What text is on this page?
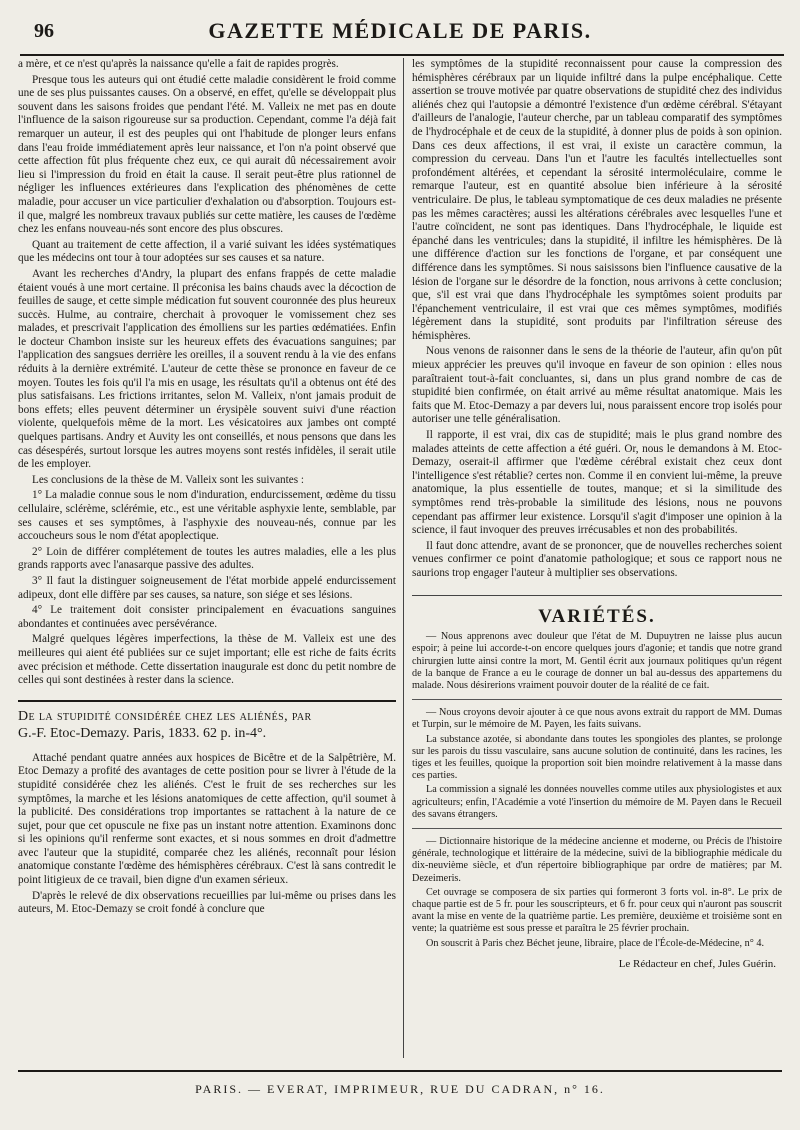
96	GAZETTE MÉDICALE DE PARIS.

a mère, et ce n'est qu'après la naissance qu'elle a fait de rapides progrès.

Presque tous les auteurs qui ont étudié cette maladie considèrent le froid comme une de ses plus puissantes causes. On a observé, en effet, qu'elle se développait plus souvent dans les saisons froides que pendant l'été. M. Valleix ne met pas en doute l'influence de la saison rigoureuse sur sa production. Cependant, comme l'a déjà fait remarquer un auteur, il est des peuples qui ont l'habitude de plonger leurs enfans dans l'eau froide immédiatement après leur naissance, et l'on n'a point observé que cette affection fût plus fréquente chez eux, ce qui aurait dû nécessairement avoir lieu si l'impression du froid en était la cause. Il serait peut-être plus rationnel de négliger les influences extérieures dans l'explication des phénomènes de cette maladie, pour accuser un vice particulier d'exhalation ou d'absorption. Toujours est-il que, malgré les nombreux travaux publiés sur cette matière, les causes de l'œdème chez les enfans nouveau-nés sont encore des plus obscures.

Quant au traitement de cette affection, il a varié suivant les idées systématiques que les médecins ont tour à tour adoptées sur ses causes et sa nature.

Avant les recherches d'Andry, la plupart des enfans frappés de cette maladie étaient voués à une mort certaine. Il préconisa les bains chauds avec la décoction de feuilles de sauge, et cette simple médication fut souvent couronnée des plus heureux succès. Hulme, au contraire, cherchait à provoquer le vomissement chez ses malades, et prescrivait l'application des émolliens sur les parties œdématiées. Enfin le docteur Chambon insiste sur les heureux effets des évacuations sanguines; par l'application des sangsues derrière les oreilles, il a souvent rendu à la vie des enfans réduits à la dernière extrémité. L'auteur de cette thèse se prononce en faveur de ce moyen. Toutes les fois qu'il l'a mis en usage, les résultats qu'il a obtenus ont été des plus satisfaisans. Les frictions irritantes, selon M. Valleix, n'ont jamais produit de bons effets; elles peuvent déterminer un érysipèle souvent suivi d'une réaction violente, quelquefois même de la mort. Les vésicatoires aux jambes ont compté quelques partisans. Andry et Auvity les ont conseillés, et nous pensons que dans les cas désespérés, surtout lorsque les autres moyens sont restés infidèles, il serait utile de les employer.

Les conclusions de la thèse de M. Valleix sont les suivantes :

1° La maladie connue sous le nom d'induration, endurcissement, œdème du tissu cellulaire, sclérème, sclérémie, etc., est une véritable asphyxie lente, semblable, par ses causes et ses symptômes, à l'asphyxie des nouveau-nés, connue par les accoucheurs sous le nom d'état apoplectique.
2° Loin de différer complétement de toutes les autres maladies, elle a les plus grands rapports avec l'anasarque passive des adultes.
3° Il faut la distinguer soigneusement de l'état morbide appelé endurcissement adipeux, dont elle diffère par ses causes, sa nature, son siége et ses lésions.
4° Le traitement doit consister principalement en évacuations sanguines abondantes et continuées avec persévérance.

Malgré quelques légères imperfections, la thèse de M. Valleix est une des meilleures qui aient été publiées sur ce sujet important; elle est riche de faits écrits avec précision et méthode. Cette dissertation inaugurale est donc du petit nombre de celles qui sont destinées à rester dans la science.

De la stupidité considérée chez les aliénés, par
G.-F. Etoc-Demazy. Paris, 1833. 62 p. in-4°.

Attaché pendant quatre années aux hospices de Bicêtre et de la Salpêtrière, M. Etoc Demazy a profité des avantages de cette position pour se livrer à l'étude de la stupidité considérée chez les aliénés. C'est le fruit de ses recherches sur les symptômes, la marche et les lésions anatomiques de cette affection, qu'il soumet à la publicité. Des considérations trop importantes se rattachent à la nature de ce sujet, pour que cet opuscule ne fixe pas un instant notre attention. Examinons donc si les opinions qu'il renferme sont exactes, et si nous sommes en droit d'admettre avec l'auteur que la stupidité, comparée chez les aliénés, reconnaît pour lésion anatomique constante l'œdème des hémisphères cérébraux. C'est là sans contredit le point litigieux de ce travail, bien digne d'un examen sérieux.

D'après le relevé de dix observations recueillies par lui-même ou prises dans les auteurs, M. Etoc-Demazy se croit fondé à conclure que

les symptômes de la stupidité reconnaissent pour cause la compression des hémisphères cérébraux par un liquide infiltré dans la pulpe encéphalique. Cette assertion se trouve motivée par quatre observations de stupidité chez des individus aliénés chez qui l'autopsie a démontré l'existence d'un œdème cérébral. S'étayant d'ailleurs de l'analogie, l'auteur cherche, par un tableau comparatif des symptômes de l'hydrocéphale et de ceux de la stupidité, à donner plus de poids à son opinion. Dans ces deux affections, il est vrai, il existe un caractère commun, la compression du cerveau. Dans l'un et l'autre les facultés intellectuelles sont profondément altérées, et cependant la sérosité intermoléculaire, comme le remarque l'auteur, est en quantité absolue bien inférieure à la sérosité ventriculaire. De plus, le tableau symptomatique de ces deux maladies ne présente pas les mêmes caractères; aussi les altérations cérébrales avec lesquelles l'une et l'autre coïncident, ne sont pas identiques. Dans l'hydrocéphale, le liquide est épanché dans les ventricules; dans la stupidité, il infiltre les hémisphères. De là une différence d'action sur les fonctions de l'organe, et par conséquent une différence dans les symptômes. Si nous saisissons bien l'influence causative de la lésion de l'organe sur le désordre de la fonction, nous arrivons à cette conclusion; que, s'il est vrai que dans l'hydrocéphale les symptômes soient produits par l'épanchement ventriculaire, il est vrai que ces mêmes symptômes, modifiés légèrement dans la stupidité, sont produits par l'infiltration séreuse des hémisphères.

Nous venons de raisonner dans le sens de la théorie de l'auteur, afin qu'on pût mieux apprécier les preuves qu'il invoque en faveur de son opinion : elles nous paraîtraient tout-à-fait concluantes, si, dans un plus grand nombre de cas de stupidité bien confirmée, on était arrivé au même résultat anatomique. Mais les faits que M. Etoc-Demazy a par devers lui, nous paraissent encore trop isolés pour autoriser une telle généralisation.

Il rapporte, il est vrai, dix cas de stupidité; mais le plus grand nombre des malades atteints de cette affection a été guéri. Or, nous le demandons à M. Etoc-Demazy, oserait-il affirmer que l'œdème cérébral existait chez ceux dont l'intelligence s'est rétablie? certes non. Comme il en convient lui-même, la preuve anatomique, la plus essentielle de toutes, manque; et si la similitude des symptômes rend très-probable la similitude des lésions, nous ne pouvons cependant pas affirmer leur existence. Lorsqu'il s'agit d'imposer une opinion à la science, il faut invoquer des preuves irrécusables et non des probabilités.

Il faut donc attendre, avant de se prononcer, que de nouvelles recherches soient venues confirmer ce point d'anatomie pathologique; et sous ce rapport nous ne saurions trop engager l'auteur à multiplier ses observations.

VARIÉTÉS.

— Nous apprenons avec douleur que l'état de M. Dupuytren ne laisse plus aucun espoir; à peine lui accorde-t-on encore quelques jours d'agonie; et tandis que notre grand chirurgien lutte ainsi contre la mort, M. Gentil écrit aux journaux politiques qu'un régent de la banque de France a eu le courage de donner un bal au-dessus des appartemens du malade. Nous désirerions vraiment pouvoir douter de la réalité de ce fait.

— Nous croyons devoir ajouter à ce que nous avons extrait du rapport de MM. Dumas et Turpin, sur le mémoire de M. Payen, les faits suivans.

La substance azotée, si abondante dans toutes les spongioles des plantes, se prolonge sur les parois du tissu vasculaire, sans aucune solution de continuité, dans les racines, les tiges et les feuilles, quoique la proportion soit bien moindre relativement à la masse dans ces parties.

La commission a signalé les données nouvelles comme utiles aux physiologistes et aux agriculteurs; enfin, l'Académie a voté l'insertion du mémoire de M. Payen dans le Recueil des savans étrangers.

— Dictionnaire historique de la médecine ancienne et moderne, ou Précis de l'histoire générale, technologique et littéraire de la médecine, suivi de la bibliographie médicale du dix-neuvième siècle, et d'un répertoire bibliographique par ordre de matières; par M. Dezeimeris.

Cet ouvrage se composera de six parties qui formeront 3 forts vol. in-8°. Le prix de chaque partie est de 5 fr. pour les souscripteurs, et 6 fr. pour ceux qui n'auront pas souscrit avant la mise en vente de la quatrième partie. Les première, deuxième et troisième sont en vente; la quatrième est sous presse et paraîtra le 25 février prochain.

On souscrit à Paris chez Béchet jeune, libraire, place de l'École-de-Médecine, n° 4.

Le Rédacteur en chef, Jules Guérin.
PARIS. — EVERAT, IMPRIMEUR, RUE DU CADRAN, n° 16.
